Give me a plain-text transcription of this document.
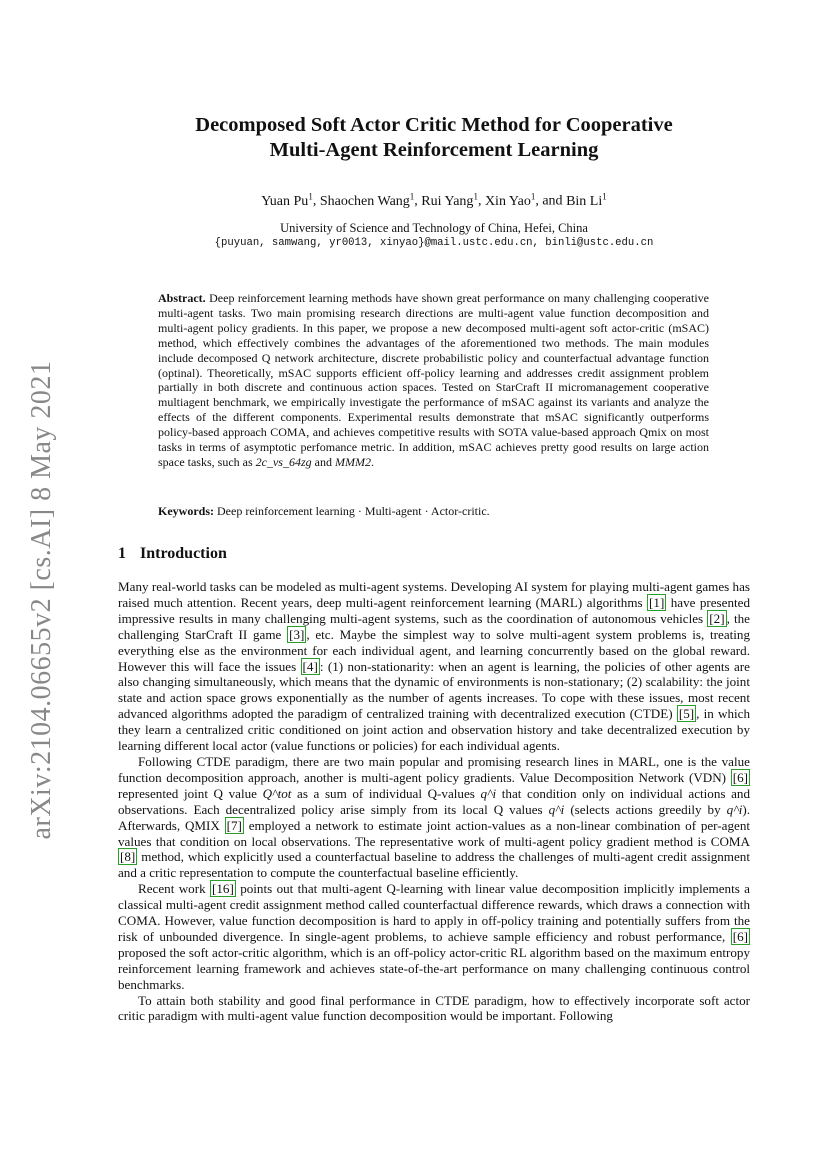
arXiv:2104.06655v2 [cs.AI] 8 May 2021
Decomposed Soft Actor Critic Method for Cooperative
Multi-Agent Reinforcement Learning
Yuan Pu$^1$, Shaochen Wang$^1$, Rui Yang$^1$, Xin Yao$^1$, and Bin Li$^1$
University of Science and Technology of China, Hefei, China
{puyuan, samwang, yr0013, xinyao}@mail.ustc.edu.cn, binli@ustc.edu.cn
Abstract. Deep reinforcement learning methods have shown great performance on many challenging cooperative multi-agent tasks. Two main promising research directions are multi-agent value function decomposition and multi-agent policy gradients. In this paper, we propose a new decomposed multi-agent soft actor-critic (mSAC) method, which effectively combines the advantages of the aforementioned two methods. The main modules include decomposed Q network architecture, discrete probabilistic policy and counterfactual advantage function (optinal). Theoretically, mSAC supports efficient off-policy learning and addresses credit assignment problem partially in both discrete and continuous action spaces. Tested on StarCraft II micromanagement cooperative multiagent benchmark, we empirically investigate the performance of mSAC against its variants and analyze the effects of the different components. Experimental results demonstrate that mSAC significantly outperforms policy-based approach COMA, and achieves competitive results with SOTA value-based approach Qmix on most tasks in terms of asymptotic perfomance metric. In addition, mSAC achieves pretty good results on large action space tasks, such as 2c_vs_64zg and MMM2.
Keywords: Deep reinforcement learning · Multi-agent · Actor-critic.
1 Introduction

Many real-world tasks can be modeled as multi-agent systems. Developing AI system for playing multi-agent games has raised much attention. Recent years, deep multi-agent reinforcement learning (MARL) algorithms [1] have presented impressive results in many challenging multi-agent systems, such as the coordination of autonomous vehicles [2] , the challenging StarCraft II game [3] , etc. Maybe the simplest way to solve multi-agent system problems is, treating everything else as the environment for each individual agent, and learning concurrently based on the global reward. However this will face the issues [4] : (1) non-stationarity: when an agent is learning, the policies of other agents are also changing simultaneously, which means that the dynamic of environments is non-stationary; (2) scalability: the joint state and action space grows exponentially as the number of agents increases. To cope with these issues, most recent advanced algorithms adopted the paradigm of centralized training with decentralized execution (CTDE) [5] , in which they learn a centralized critic conditioned on joint action and observation history and take decentralized execution by learning different local actor (value functions or policies) for each individual agents.

Following CTDE paradigm, there are two main popular and promising research lines in MARL, one is the value function decomposition approach, another is multi-agent policy gradients. Value Decomposition Network (VDN) [6] represented joint Q value Q^tot as a sum of individual Q-values q^i that condition only on individual actions and observations. Each decentralized policy arise simply from its local Q values q^i (selects actions greedily by q^i). Afterwards, QMIX [7] employed a network to estimate joint action-values as a non-linear combination of per-agent values that condition on local observations. The representative work of multi-agent policy gradient method is COMA [8] method, which explicitly used a counterfactual baseline to address the challenges of multi-agent credit assignment and a critic representation to compute the counterfactual baseline efficiently.

Recent work [16] points out that multi-agent Q-learning with linear value decomposition implicitly implements a classical multi-agent credit assignment method called counterfactual difference rewards, which draws a connection with COMA. However, value function decomposition is hard to apply in off-policy training and potentially suffers from the risk of unbounded divergence. In single-agent problems, to achieve sample efficiency and robust performance, [6] proposed the soft actor-critic algorithm, which is an off-policy actor-critic RL algorithm based on the maximum entropy reinforcement learning framework and achieves state-of-the-art performance on many challenging continuous control benchmarks.

To attain both stability and good final performance in CTDE paradigm, how to effectively incorporate soft actor critic paradigm with multi-agent value function decomposition would be important. Following
